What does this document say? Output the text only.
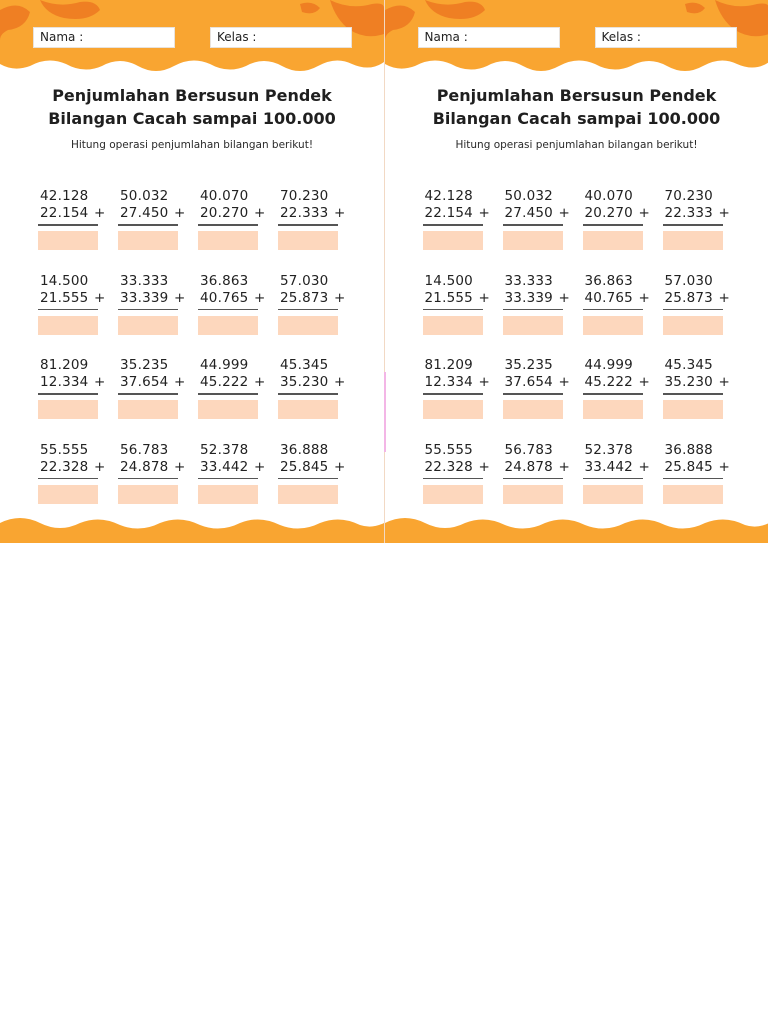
Nama :	Kelas :
Penjumlahan Bersusun Pendek
Bilangan Cacah sampai 100.000
Hitung operasi penjumlahan bilangan berikut!
42.128
22.154 +
50.032
27.450 +
40.070
20.270 +
70.230
22.333 +
14.500
21.555 +
33.333
33.339 +
36.863
40.765 +
57.030
25.873 +
81.209
12.334 +
35.235
37.654 +
44.999
45.222 +
45.345
35.230 +
55.555
22.328 +
56.783
24.878 +
52.378
33.442 +
36.888
25.845 +
Nama :	Kelas :
Penjumlahan Bersusun Pendek
Bilangan Cacah sampai 100.000
Hitung operasi penjumlahan bilangan berikut!
42.128
22.154 +
50.032
27.450 +
40.070
20.270 +
70.230
22.333 +
14.500
21.555 +
33.333
33.339 +
36.863
40.765 +
57.030
25.873 +
81.209
12.334 +
35.235
37.654 +
44.999
45.222 +
45.345
35.230 +
55.555
22.328 +
56.783
24.878 +
52.378
33.442 +
36.888
25.845 +
